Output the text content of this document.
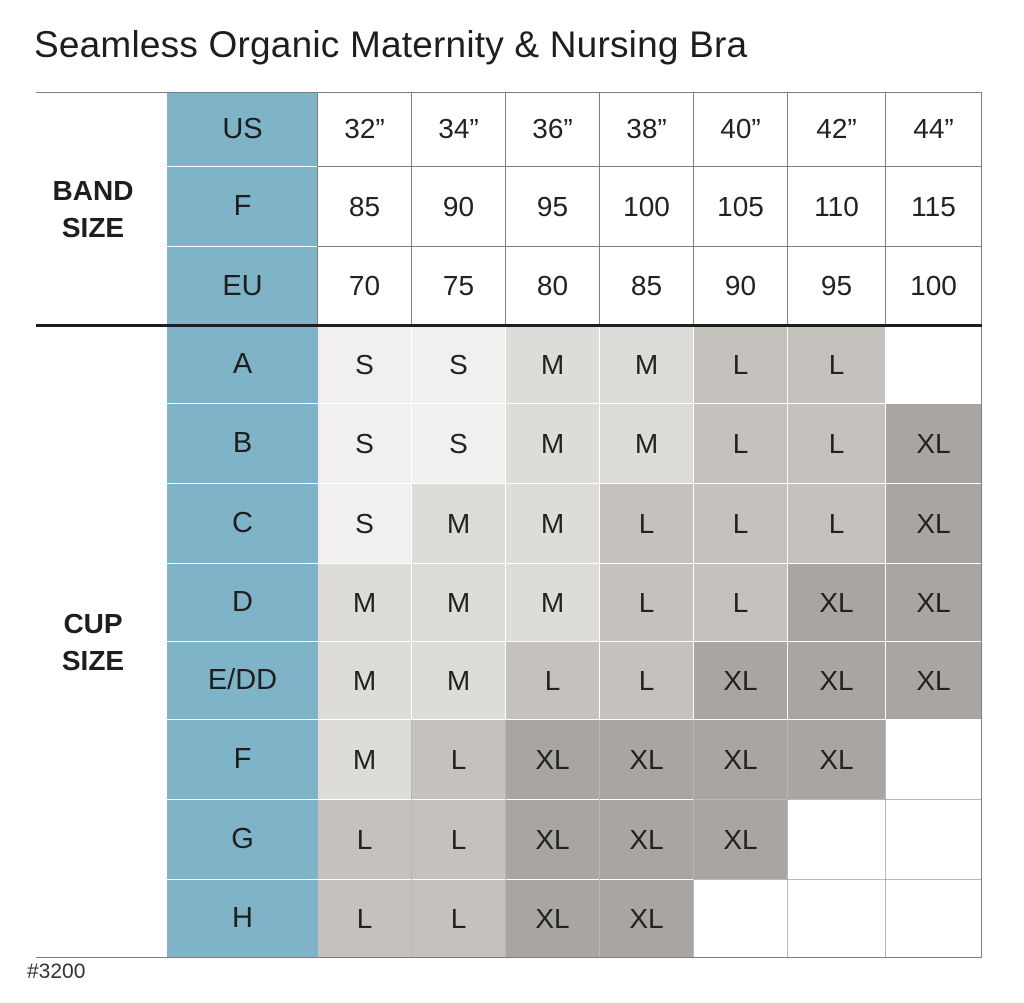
Seamless Organic Maternity & Nursing Bra
US	32”	34”	36”	38”	40”	42”	44”
F	85	90	95	100	105	110	115
EU	70	75	80	85	90	95	100
A	S	S	M	M	L	L
B	S	S	M	M	L	L	XL
C	S	M	M	L	L	L	XL
D	M	M	M	L	L	XL	XL
E/DD	M	M	L	L	XL	XL	XL
F	M	L	XL	XL	XL	XL
G	L	L	XL	XL	XL
H	L	L	XL	XL
BAND
SIZE
CUP
SIZE
#3200
